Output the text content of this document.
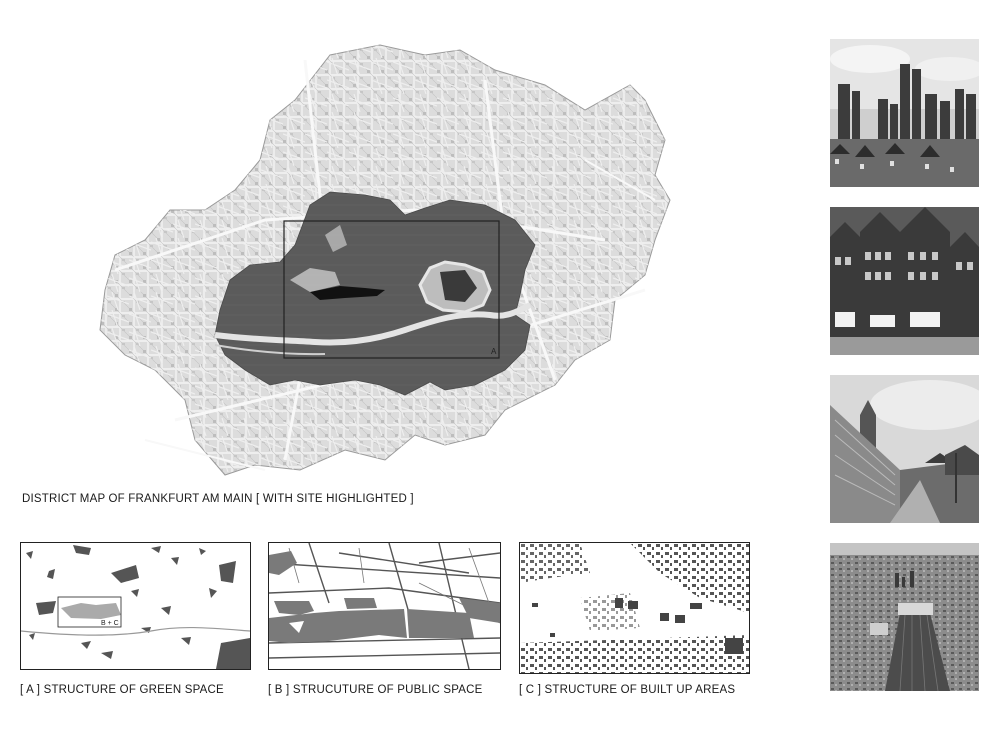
A
DISTRICT MAP OF FRANKFURT AM MAIN [ WITH SITE HIGHLIGHTED ]
B + C
[ A ] STRUCTURE OF GREEN SPACE	[ B ] STRUCUTURE OF PUBLIC SPACE	[ C ] STRUCTURE OF BUILT UP AREAS
